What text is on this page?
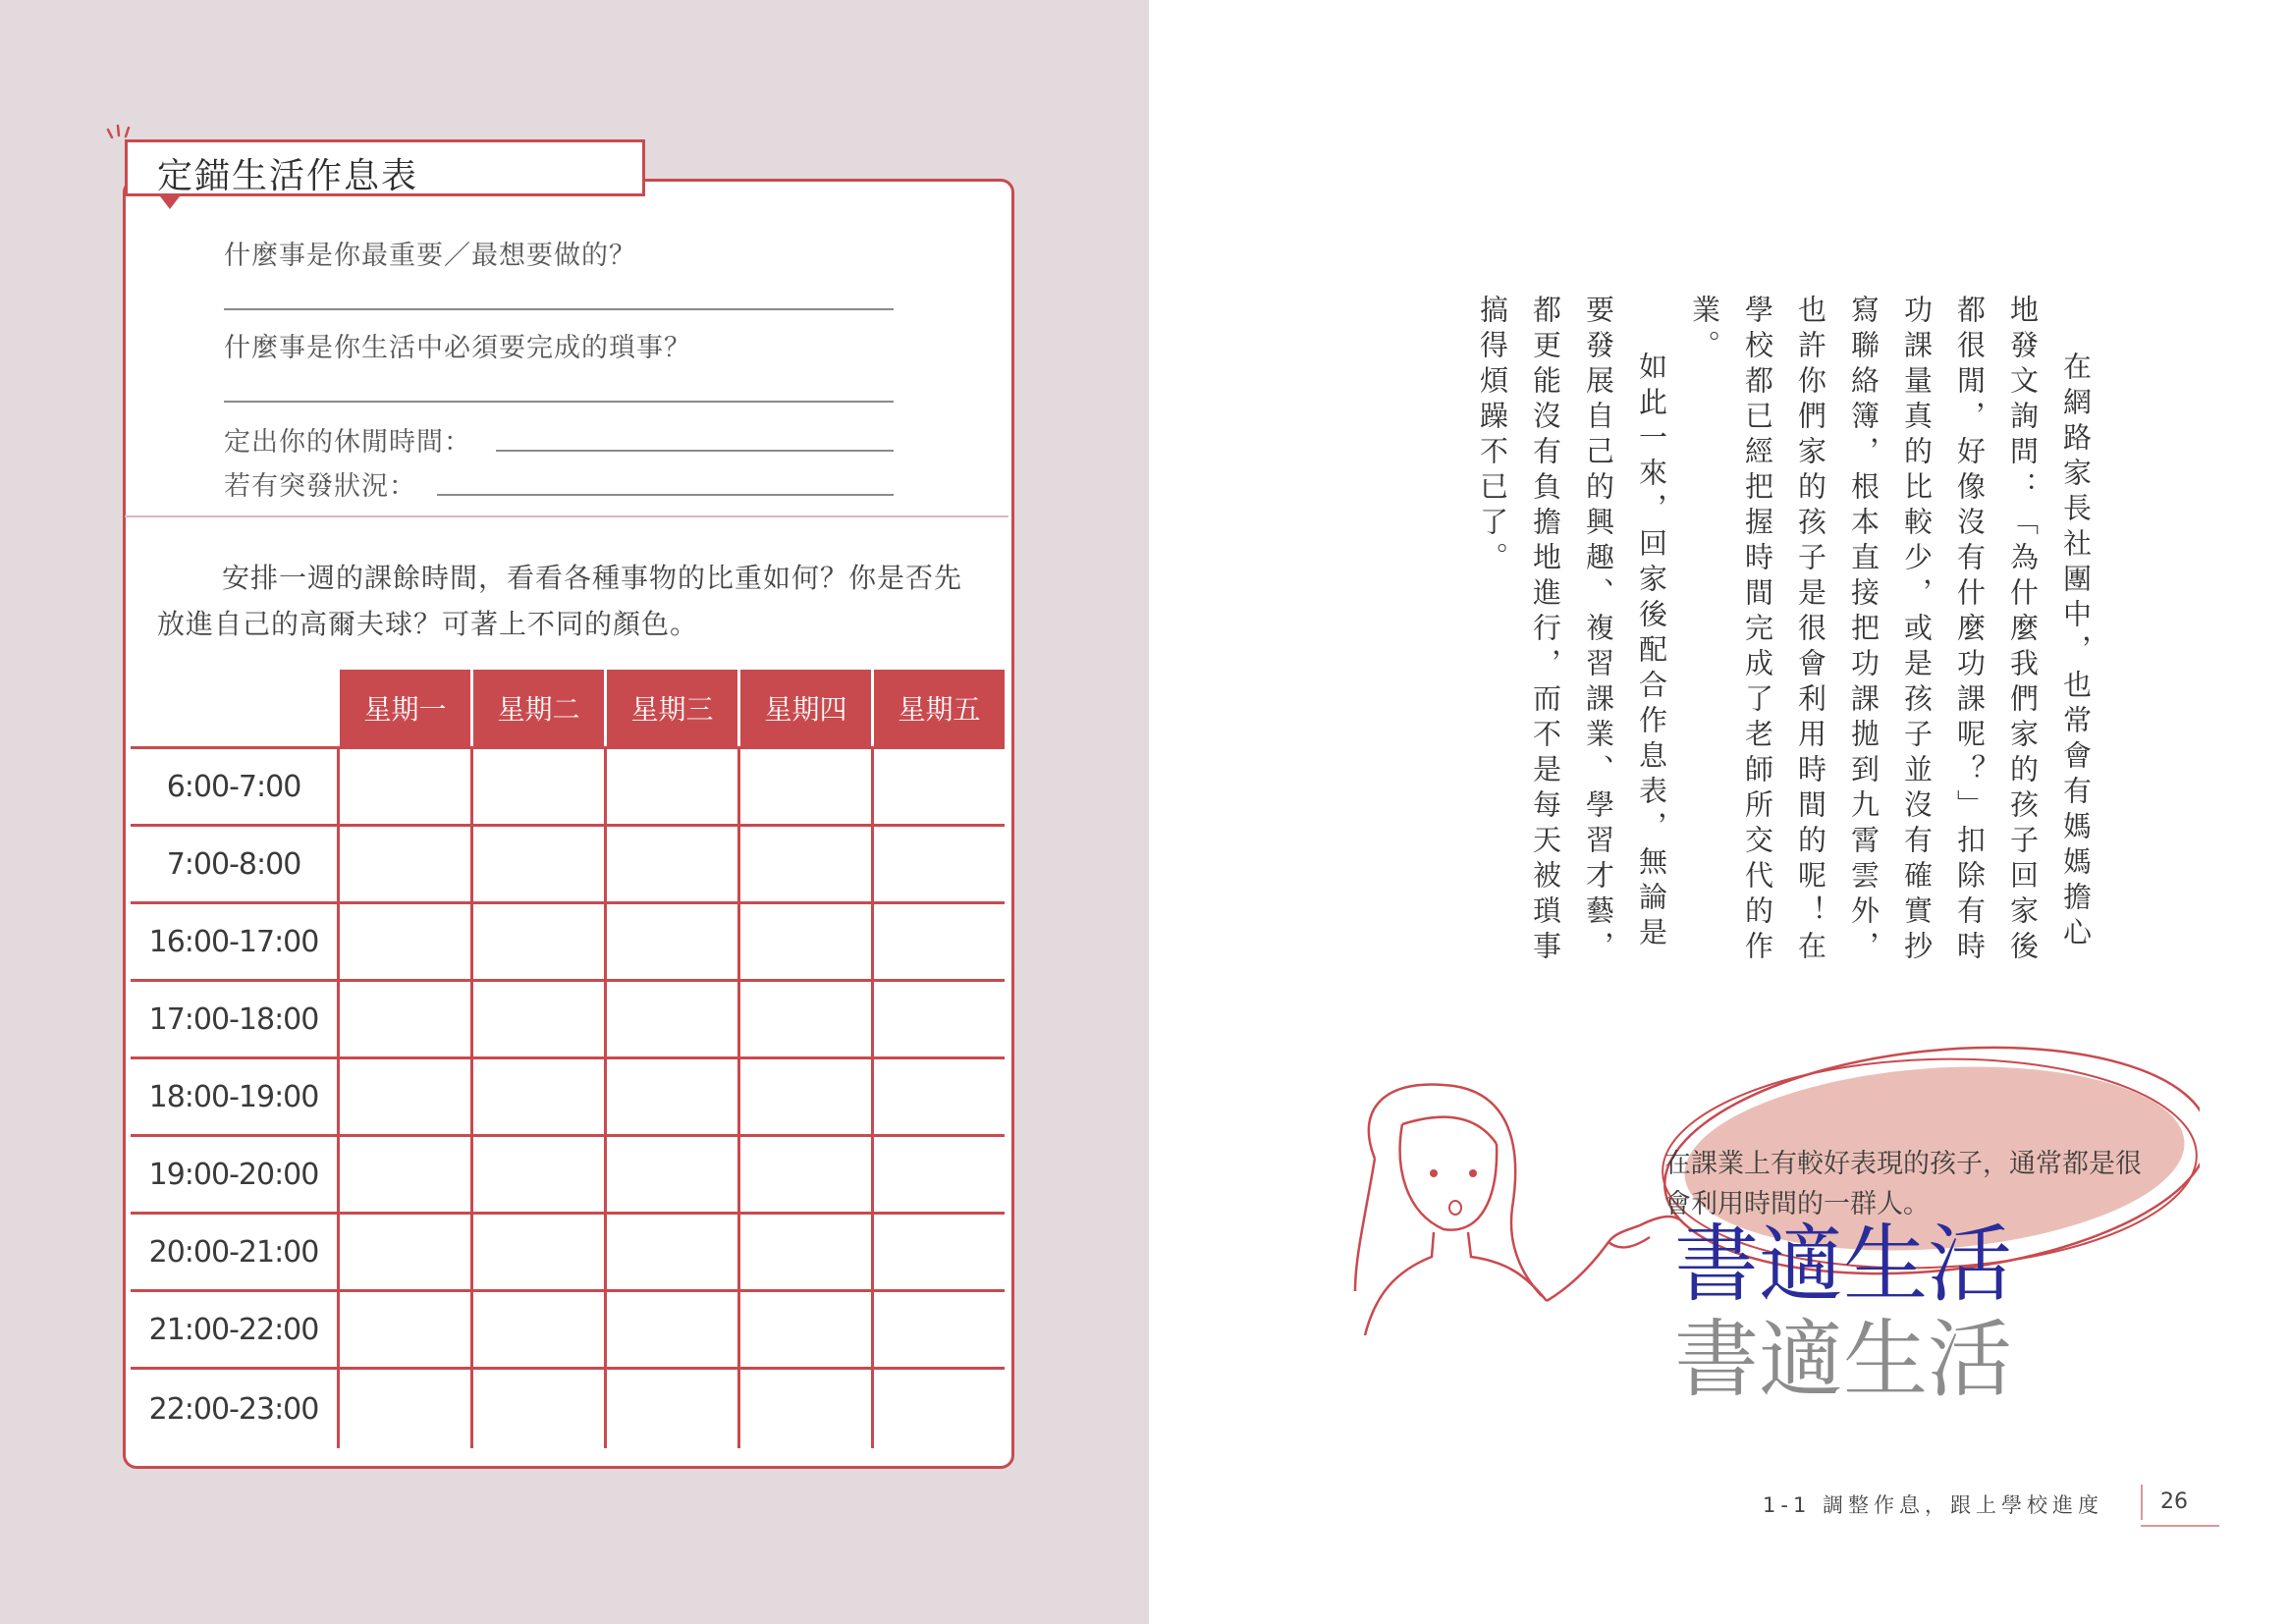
定錨生活作息表
什麼事是你最重要／最想要做的？
什麼事是你生活中必須要完成的瑣事？
定出你的休閒時間：
若有突發狀況：
安排一週的課餘時間，看看各種事物的比重如何？你是否先放進自己的高爾夫球？可著上不同的顏色。
	星期一	星期二	星期三	星期四	星期五
6:00-7:00					
7:00-8:00					
16:00-17:00					
17:00-18:00					
18:00-19:00					
19:00-20:00					
20:00-21:00					
21:00-22:00					
22:00-23:00					

在網路家長社團中，也常會有媽媽擔心地發文詢問：「為什麼我們家的孩子回家後都很閒，好像沒有什麼功課呢？」扣除有時功課量真的比較少，或是孩子並沒有確實抄寫聯絡簿，根本直接把功課拋到九霄雲外，也許你們家的孩子是很會利用時間的呢！在學校都已經把握時間完成了老師所交代的作業。

如此一來，回家後配合作息表，無論是要發展自己的興趣、複習課業、學習才藝，都更能沒有負擔地進行，而不是每天被瑣事搞得煩躁不已了。

“ 在課業上有較好表現的孩子，通常都是很會利用時間的一群人。
書適生活
書適生活
1-1 調整作息，跟上學校進度	26
